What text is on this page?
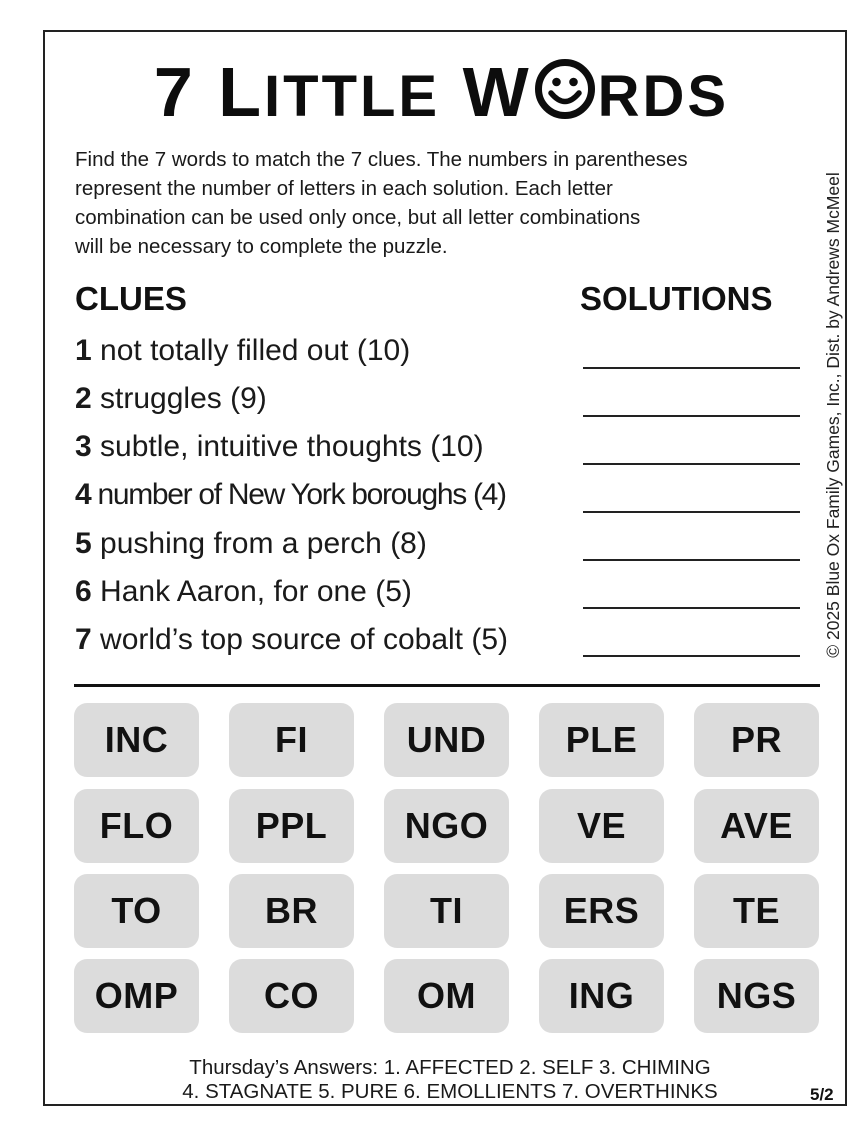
7 LITTLE W RDS
Find the 7 words to match the 7 clues. The numbers in parentheses
represent the number of letters in each solution. Each letter
combination can be used only once, but all letter combinations
will be necessary to complete the puzzle.
CLUES	SOLUTIONS
1 not totally filled out (10)
2 struggles (9)
3 subtle, intuitive thoughts (10)
4 number of New York boroughs (4)
5 pushing from a perch (8)
6 Hank Aaron, for one (5)
7 world’s top source of cobalt (5)
INC	FI	UND	PLE	PR
FLO	PPL	NGO	VE	AVE
TO	BR	TI	ERS	TE
OMP	CO	OM	ING	NGS
Thursday’s Answers: 1. AFFECTED 2. SELF 3. CHIMING
4. STAGNATE 5. PURE 6. EMOLLIENTS 7. OVERTHINKS	5/2
© 2025 Blue Ox Family Games, Inc., Dist. by Andrews McMeel
